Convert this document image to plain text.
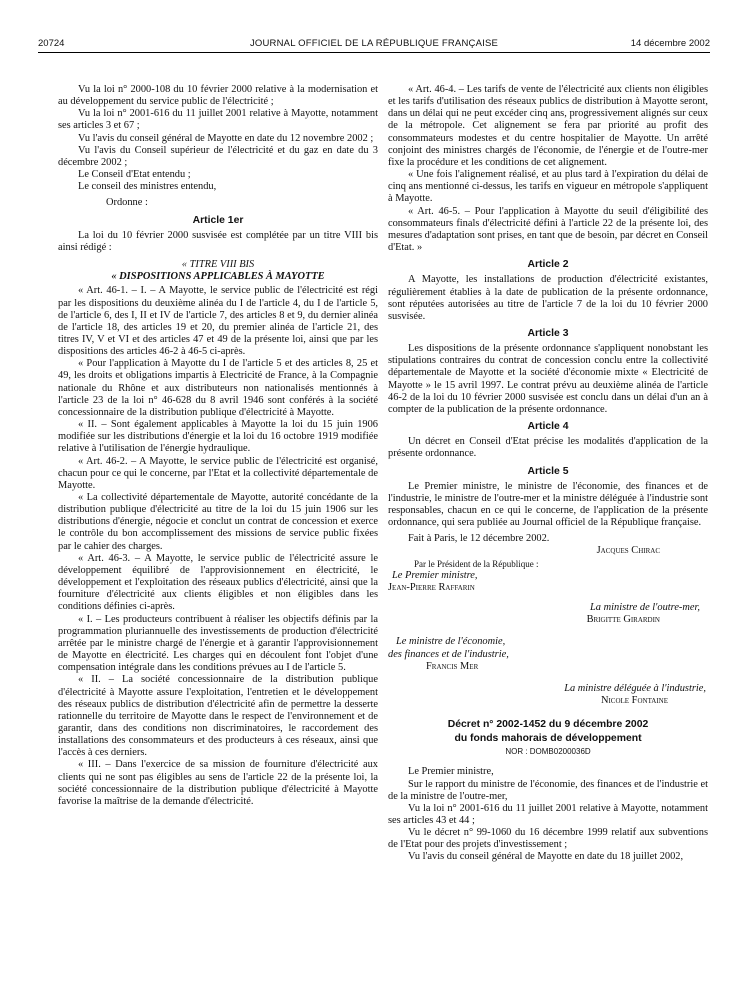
20724	JOURNAL OFFICIEL DE LA RÉPUBLIQUE FRANÇAISE	14 décembre 2002

Vu la loi n° 2000-108 du 10 février 2000 relative à la modernisation et au développement du service public de l'électricité ;

Vu la loi n° 2001-616 du 11 juillet 2001 relative à Mayotte, notamment ses articles 3 et 67 ;

Vu l'avis du conseil général de Mayotte en date du 12 novembre 2002 ;

Vu l'avis du Conseil supérieur de l'électricité et du gaz en date du 3 décembre 2002 ;

Le Conseil d'Etat entendu ;

Le conseil des ministres entendu,

Ordonne :

Article 1er

La loi du 10 février 2000 susvisée est complétée par un titre VIII bis ainsi rédigé :

« TITRE VIII BIS

« DISPOSITIONS APPLICABLES À MAYOTTE

« Art. 46-1. – I. – A Mayotte, le service public de l'électricité est régi par les dispositions du deuxième alinéa du I de l'article 4, du I de l'article 5, de l'article 6, des I, II et IV de l'article 7, des articles 8 et 9, du dernier alinéa de l'article 18, des articles 19 et 20, du premier alinéa de l'article 21, des titres IV, V et VI et des articles 47 et 49 de la présente loi, ainsi que par les dispositions des articles 46-2 à 46-5 ci-après.

« Pour l'application à Mayotte du I de l'article 5 et des articles 8, 25 et 49, les droits et obligations impartis à Electricité de France, à la Compagnie nationale du Rhône et aux distributeurs non nationalisés mentionnés à l'article 23 de la loi n° 46-628 du 8 avril 1946 sont conférés à la société concessionnaire de la distribution publique d'électricité à Mayotte.

« II. – Sont également applicables à Mayotte la loi du 15 juin 1906 modifiée sur les distributions d'énergie et la loi du 16 octobre 1919 modifiée relative à l'utilisation de l'énergie hydraulique.

« Art. 46-2. – A Mayotte, le service public de l'électricité est organisé, chacun pour ce qui le concerne, par l'Etat et la collectivité départementale de Mayotte.

« La collectivité départementale de Mayotte, autorité concédante de la distribution publique d'électricité au titre de la loi du 15 juin 1906 sur les distributions d'énergie, négocie et conclut un contrat de concession et exerce le contrôle du bon accomplissement des missions de service public fixées par le cahier des charges.

« Art. 46-3. – A Mayotte, le service public de l'électricité assure le développement équilibré de l'approvisionnement en électricité, le développement et l'exploitation des réseaux publics d'électricité, ainsi que la fourniture d'électricité aux clients éligibles et non éligibles dans les conditions définies ci-après.

« I. – Les producteurs contribuent à réaliser les objectifs définis par la programmation pluriannuelle des investissements de production d'électricité arrêtée par le ministre chargé de l'énergie et à garantir l'approvisionnement de Mayotte en électricité. Les charges qui en découlent font l'objet d'une compensation intégrale dans les conditions prévues au I de l'article 5.

« II. – La société concessionnaire de la distribution publique d'électricité à Mayotte assure l'exploitation, l'entretien et le développement des réseaux publics de distribution d'électricité afin de permettre la desserte rationnelle du territoire de Mayotte dans le respect de l'environnement et de garantir, dans des conditions non discriminatoires, le raccordement des installations des consommateurs et des producteurs à ces réseaux, ainsi que l'accès à ces derniers.

« III. – Dans l'exercice de sa mission de fourniture d'électricité aux clients qui ne sont pas éligibles au sens de l'article 22 de la présente loi, la société concessionnaire de la distribution publique d'électricité à Mayotte favorise la maîtrise de la demande d'électricité.

« Art. 46-4. – Les tarifs de vente de l'électricité aux clients non éligibles et les tarifs d'utilisation des réseaux publics de distribution à Mayotte seront, dans un délai qui ne peut excéder cinq ans, progressivement alignés sur ceux de la métropole. Cet alignement se fera par priorité au profit des consommateurs modestes et du centre hospitalier de Mayotte. Un arrêté conjoint des ministres chargés de l'économie, de l'énergie et de l'outre-mer fixe la procédure et les conditions de cet alignement.

« Une fois l'alignement réalisé, et au plus tard à l'expiration du délai de cinq ans mentionné ci-dessus, les tarifs en vigueur en métropole s'appliquent à Mayotte.

« Art. 46-5. – Pour l'application à Mayotte du seuil d'éligibilité des consommateurs finals d'électricité défini à l'article 22 de la présente loi, des mesures d'adaptation sont prises, en tant que de besoin, par décret en Conseil d'Etat. »

Article 2

A Mayotte, les installations de production d'électricité existantes, régulièrement établies à la date de publication de la présente ordonnance, sont réputées autorisées au titre de l'article 7 de la loi du 10 février 2000 susvisée.

Article 3

Les dispositions de la présente ordonnance s'appliquent nonobstant les stipulations contraires du contrat de concession conclu entre la collectivité départementale de Mayotte et la société d'économie mixte « Electricité de Mayotte » le 15 avril 1997. Le contrat prévu au deuxième alinéa de l'article 46-2 de la loi du 10 février 2000 susvisée est conclu dans un délai d'un an à compter de la publication de la présente ordonnance.

Article 4

Un décret en Conseil d'Etat précise les modalités d'application de la présente ordonnance.

Article 5

Le Premier ministre, le ministre de l'économie, des finances et de l'industrie, le ministre de l'outre-mer et la ministre déléguée à l'industrie sont responsables, chacun en ce qui le concerne, de l'application de la présente ordonnance, qui sera publiée au Journal officiel de la République française.

Fait à Paris, le 12 décembre 2002.

Jacques Chirac

Par le Président de la République :

Le Premier ministre,

Jean-Pierre Raffarin

La ministre de l'outre-mer,

Brigitte Girardin

Le ministre de l'économie,

des finances et de l'industrie,

Francis Mer

La ministre déléguée à l'industrie,

Nicole Fontaine

Décret n° 2002-1452 du 9 décembre 2002
du fonds mahorais de développement
NOR : DOMB0200036D

Le Premier ministre,

Sur le rapport du ministre de l'économie, des finances et de l'industrie et de la ministre de l'outre-mer,

Vu la loi n° 2001-616 du 11 juillet 2001 relative à Mayotte, notamment ses articles 43 et 44 ;

Vu le décret n° 99-1060 du 16 décembre 1999 relatif aux subventions de l'Etat pour des projets d'investissement ;

Vu l'avis du conseil général de Mayotte en date du 18 juillet 2002,
